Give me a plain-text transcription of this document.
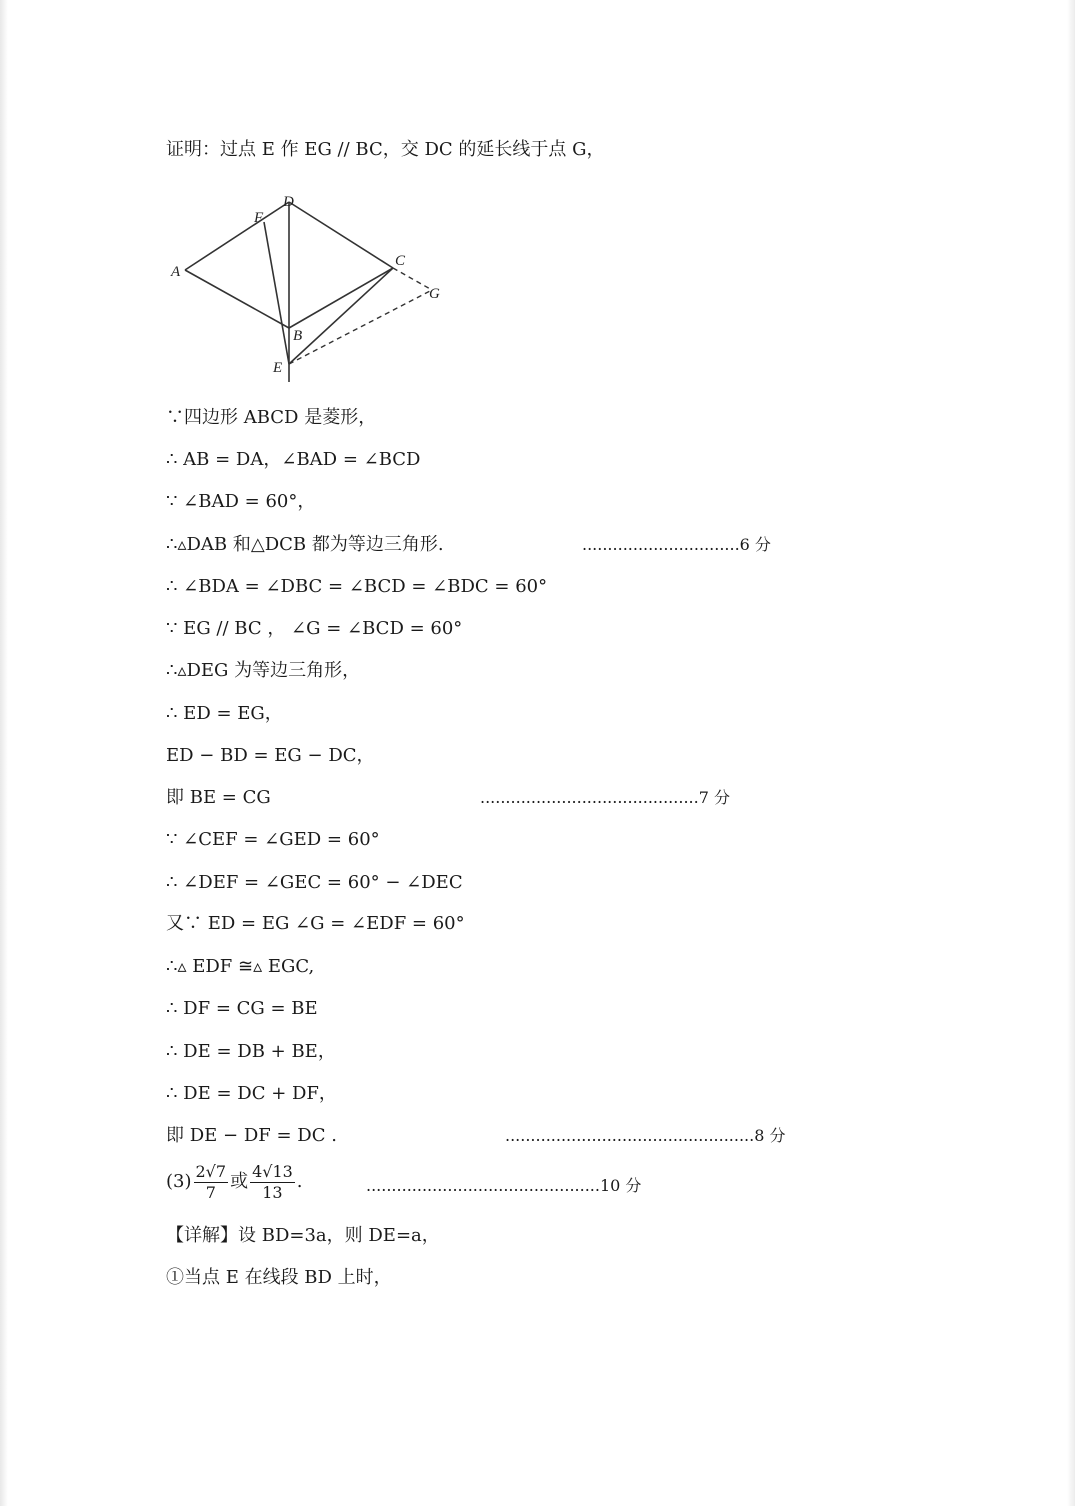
证明：过点 E 作 EG // BC，交 DC 的延长线于点 G，
A
D
F
C
G
B
E
∵四边形 ABCD 是菱形，
∴ AB = DA，∠BAD = ∠BCD
∵ ∠BAD = 60°，
∴▵DAB 和△DCB 都为等边三角形.	...............................6 分
∴ ∠BDA = ∠DBC = ∠BCD = ∠BDC = 60°
∵ EG // BC ， ∠G = ∠BCD = 60°
∴▵DEG 为等边三角形，
∴ ED = EG，
ED − BD = EG − DC，
即 BE = CG	...........................................7 分
∵ ∠CEF = ∠GED = 60°
∴ ∠DEF = ∠GEC = 60° − ∠DEC
又∵ ED = EG ∠G = ∠EDF = 60°
∴▵ EDF ≅▵ EGC,
∴ DF = CG = BE
∴ DE = DB + BE，
∴ DE = DC + DF，
即 DE − DF = DC .	.................................................8 分
$(3) \frac{2√7}{7}$ 或 $\frac{4√13}{13}$ .	..............................................10 分
【详解】设 BD=3a，则 DE=a，
①当点 E 在线段 BD 上时，
